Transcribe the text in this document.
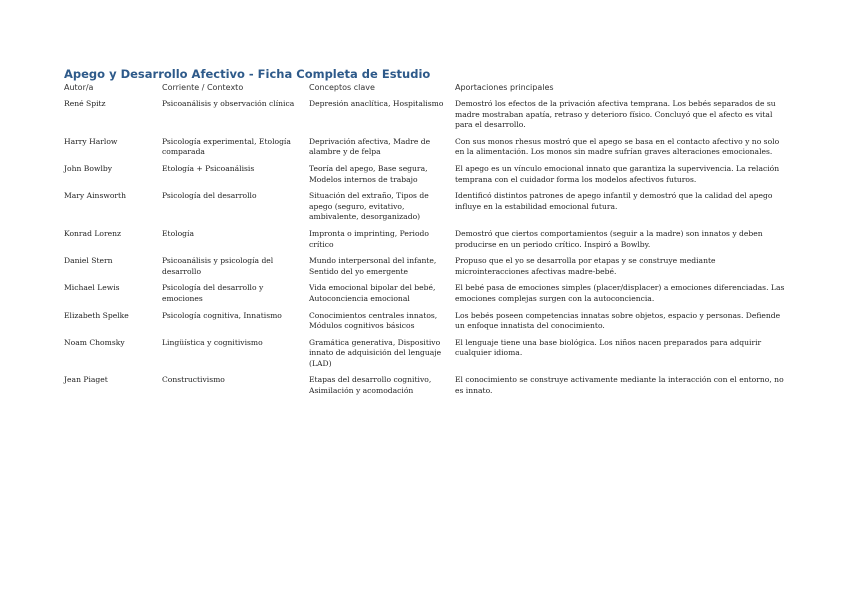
Apego y Desarrollo Afectivo - Ficha Completa de Estudio
Autor/a	Corriente / Contexto	Conceptos clave	Aportaciones principales
René Spitz	Psicoanálisis y observación clínica	Depresión anaclítica, Hospitalismo	Demostró los efectos de la privación afectiva temprana. Los bebés separados de su madre mostraban apatía, retraso y deterioro físico. Concluyó que el afecto es vital para el desarrollo.
Harry Harlow	Psicología experimental, Etología comparada	Deprivación afectiva, Madre de alambre y de felpa	Con sus monos rhesus mostró que el apego se basa en el contacto afectivo y no solo en la alimentación. Los monos sin madre sufrían graves alteraciones emocionales.
John Bowlby	Etología + Psicoanálisis	Teoría del apego, Base segura, Modelos internos de trabajo	El apego es un vínculo emocional innato que garantiza la supervivencia. La relación temprana con el cuidador forma los modelos afectivos futuros.
Mary Ainsworth	Psicología del desarrollo	Situación del extraño, Tipos de apego (seguro, evitativo, ambivalente, desorganizado)	Identificó distintos patrones de apego infantil y demostró que la calidad del apego influye en la estabilidad emocional futura.
Konrad Lorenz	Etología	Impronta o imprinting, Periodo crítico	Demostró que ciertos comportamientos (seguir a la madre) son innatos y deben producirse en un periodo crítico. Inspiró a Bowlby.
Daniel Stern	Psicoanálisis y psicología del desarrollo	Mundo interpersonal del infante, Sentido del yo emergente	Propuso que el yo se desarrolla por etapas y se construye mediante microinteracciones afectivas madre-bebé.
Michael Lewis	Psicología del desarrollo y emociones	Vida emocional bipolar del bebé, Autoconciencia emocional	El bebé pasa de emociones simples (placer/displacer) a emociones diferenciadas. Las emociones complejas surgen con la autoconciencia.
Elizabeth Spelke	Psicología cognitiva, Innatismo	Conocimientos centrales innatos, Módulos cognitivos básicos	Los bebés poseen competencias innatas sobre objetos, espacio y personas. Defiende un enfoque innatista del conocimiento.
Noam Chomsky	Lingüística y cognitivismo	Gramática generativa, Dispositivo innato de adquisición del lenguaje (LAD)	El lenguaje tiene una base biológica. Los niños nacen preparados para adquirir cualquier idioma.
Jean Piaget	Constructivismo	Etapas del desarrollo cognitivo, Asimilación y acomodación	El conocimiento se construye activamente mediante la interacción con el entorno, no es innato.
